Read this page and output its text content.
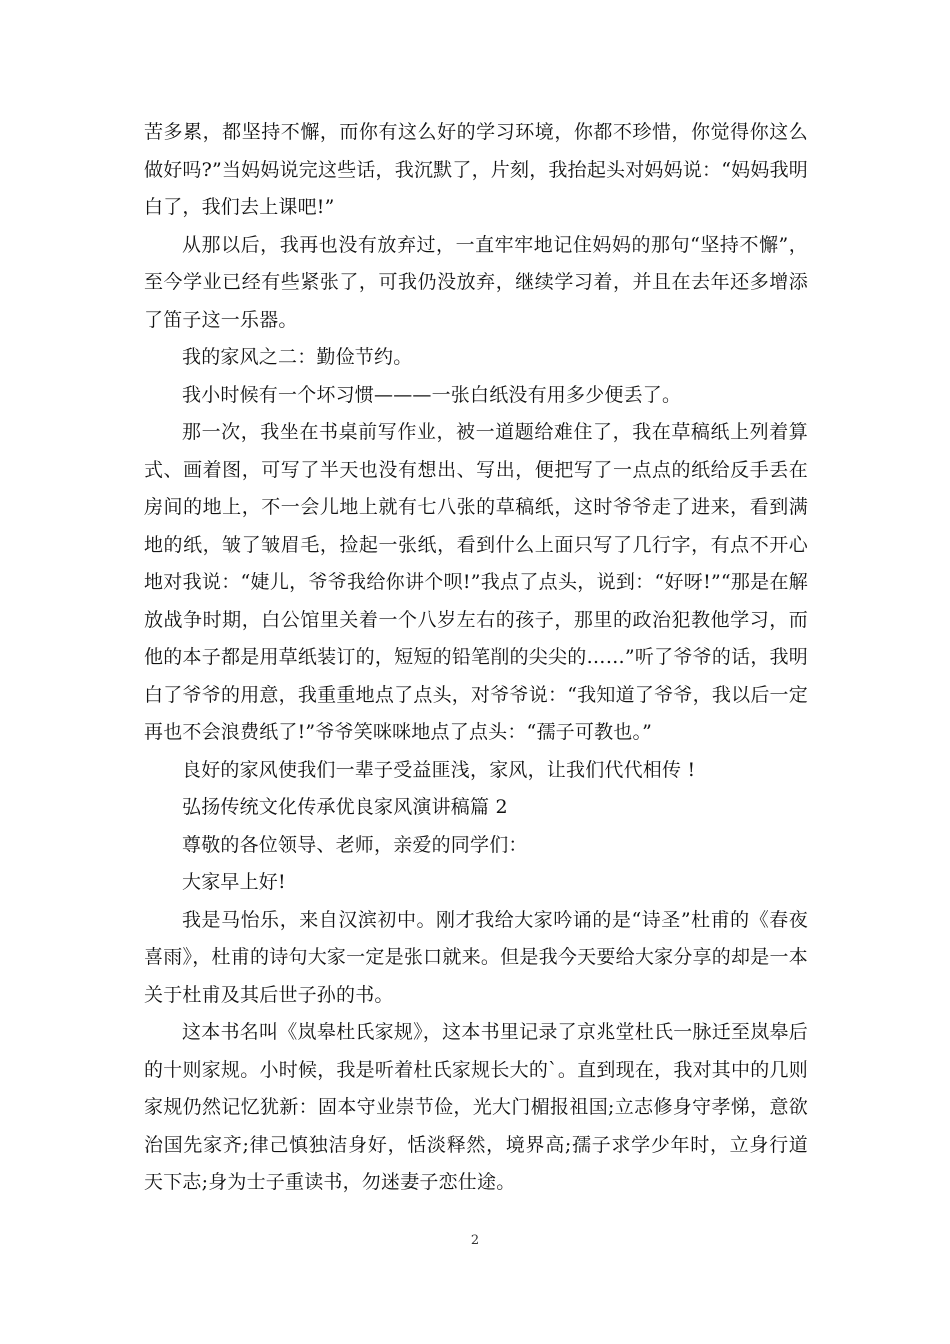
苦多累，都坚持不懈，而你有这么好的学习环境，你都不珍惜，你觉得你这么做好吗?”当妈妈说完这些话，我沉默了，片刻，我抬起头对妈妈说：“妈妈我明白了，我们去上课吧!”

从那以后，我再也没有放弃过，一直牢牢地记住妈妈的那句“坚持不懈”，至今学业已经有些紧张了，可我仍没放弃，继续学习着，并且在去年还多增添了笛子这一乐器。

我的家风之二：勤俭节约。

我小时候有一个坏习惯———一张白纸没有用多少便丢了。

那一次，我坐在书桌前写作业，被一道题给难住了，我在草稿纸上列着算式、画着图，可写了半天也没有想出、写出，便把写了一点点的纸给反手丢在房间的地上，不一会儿地上就有七八张的草稿纸，这时爷爷走了进来，看到满地的纸，皱了皱眉毛，捡起一张纸，看到什么上面只写了几行字，有点不开心地对我说：“婕儿，爷爷我给你讲个呗!”我点了点头，说到：“好呀!”“那是在解放战争时期，白公馆里关着一个八岁左右的孩子，那里的政治犯教他学习，而他的本子都是用草纸装订的，短短的铅笔削的尖尖的……”听了爷爷的话，我明白了爷爷的用意，我重重地点了点头，对爷爷说：“我知道了爷爷，我以后一定再也不会浪费纸了!”爷爷笑咪咪地点了点头：“孺子可教也。”

良好的家风使我们一辈子受益匪浅，家风，让我们代代相传 !

弘扬传统文化传承优良家风演讲稿篇 2

尊敬的各位领导、老师，亲爱的同学们：

大家早上好!

我是马怡乐，来自汉滨初中。刚才我给大家吟诵的是“诗圣”杜甫的《春夜喜雨》，杜甫的诗句大家一定是张口就来。但是我今天要给大家分享的却是一本关于杜甫及其后世子孙的书。

这本书名叫《岚皋杜氏家规》，这本书里记录了京兆堂杜氏一脉迁至岚皋后的十则家规。小时候，我是听着杜氏家规长大的`。直到现在，我对其中的几则家规仍然记忆犹新：固本守业崇节俭，光大门楣报祖国;立志修身守孝悌，意欲治国先家齐;律己慎独洁身好，恬淡释然，境界高;孺子求学少年时，立身行道天下志;身为士子重读书，勿迷妻子恋仕途。

2
